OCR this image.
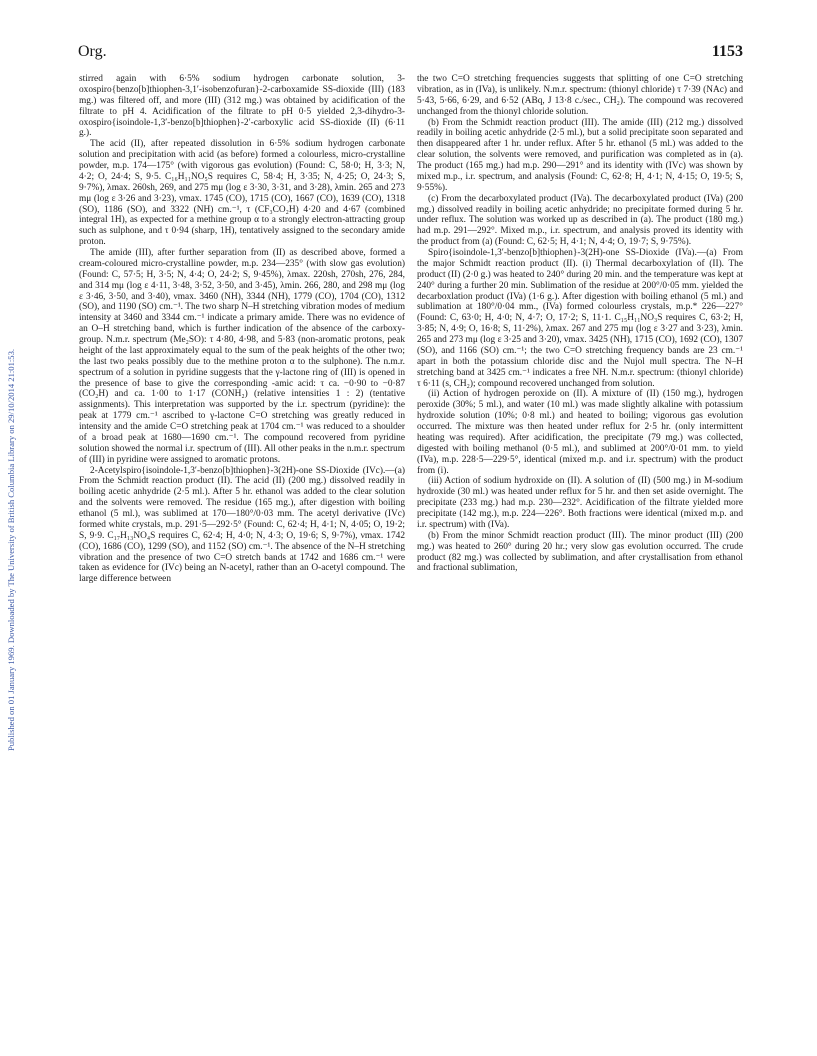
Published on 01 January 1969. Downloaded by The University of British Columbia Library on 29/10/2014 21:01:53.
Org.	1153

stirred again with 6·5% sodium hydrogen carbonate solution, 3-oxospiro{benzo[b]thiophen-3,1′-isobenzofuran}-2-carboxamide SS-dioxide (III) (183 mg.) was filtered off, and more (III) (312 mg.) was obtained by acidification of the filtrate to pH 4. Acidification of the filtrate to pH 0·5 yielded 2,3-dihydro-3-oxospiro{isoindole-1,3′-benzo[b]thiophen}-2′-carboxylic acid SS-dioxide (II) (6·11 g.).

The acid (II), after repeated dissolution in 6·5% sodium hydrogen carbonate solution and precipitation with acid (as before) formed a colourless, micro-crystalline powder, m.p. 174—175° (with vigorous gas evolution) (Found: C, 58·0; H, 3·3; N, 4·2; O, 24·4; S, 9·5. C₁₆H₁₁NO₅S requires C, 58·4; H, 3·35; N, 4·25; O, 24·3; S, 9·7%), λmax. 260sh, 269, and 275 mμ (log ε 3·30, 3·31, and 3·28), λmin. 265 and 273 mμ (log ε 3·26 and 3·23), νmax. 1745 (CO), 1715 (CO), 1667 (CO), 1639 (CO), 1318 (SO), 1186 (SO), and 3322 (NH) cm.⁻¹, τ (CF₃CO₂H) 4·20 and 4·67 (combined integral 1H), as expected for a methine group α to a strongly electron-attracting group such as sulphone, and τ 0·94 (sharp, 1H), tentatively assigned to the secondary amide proton.

The amide (III), after further separation from (II) as described above, formed a cream-coloured micro-crystalline powder, m.p. 234—235° (with slow gas evolution) (Found: C, 57·5; H, 3·5; N, 4·4; O, 24·2; S, 9·45%), λmax. 220sh, 270sh, 276, 284, and 314 mμ (log ε 4·11, 3·48, 3·52, 3·50, and 3·45), λmin. 266, 280, and 298 mμ (log ε 3·46, 3·50, and 3·40), νmax. 3460 (NH), 3344 (NH), 1779 (CO), 1704 (CO), 1312 (SO), and 1190 (SO) cm.⁻¹. The two sharp N–H stretching vibration modes of medium intensity at 3460 and 3344 cm.⁻¹ indicate a primary amide. There was no evidence of an O–H stretching band, which is further indication of the absence of the carboxy-group. N.m.r. spectrum (Me₂SO): τ 4·80, 4·98, and 5·83 (non-aromatic protons, peak height of the last approximately equal to the sum of the peak heights of the other two; the last two peaks possibly due to the methine proton α to the sulphone). The n.m.r. spectrum of a solution in pyridine suggests that the γ-lactone ring of (III) is opened in the presence of base to give the corresponding -amic acid: τ ca. −0·90 to −0·87 (CO₂H) and ca. 1·00 to 1·17 (CONH₂) (relative intensities 1 : 2) (tentative assignments). This interpretation was supported by the i.r. spectrum (pyridine): the peak at 1779 cm.⁻¹ ascribed to γ-lactone C=O stretching was greatly reduced in intensity and the amide C=O stretching peak at 1704 cm.⁻¹ was reduced to a shoulder of a broad peak at 1680—1690 cm.⁻¹. The compound recovered from pyridine solution showed the normal i.r. spectrum of (III). All other peaks in the n.m.r. spectrum of (III) in pyridine were assigned to aromatic protons.

2-Acetylspiro{isoindole-1,3′-benzo[b]thiophen}-3(2H)-one SS-Dioxide (IVc).—(a) From the Schmidt reaction product (II). The acid (II) (200 mg.) dissolved readily in boiling acetic anhydride (2·5 ml.). After 5 hr. ethanol was added to the clear solution and the solvents were removed. The residue (165 mg.), after digestion with boiling ethanol (5 ml.), was sublimed at 170—180°/0·03 mm. The acetyl derivative (IVc) formed white crystals, m.p. 291·5—292·5° (Found: C, 62·4; H, 4·1; N, 4·05; O, 19·2; S, 9·9. C₁₇H₁₃NO₄S requires C, 62·4; H, 4·0; N, 4·3; O, 19·6; S, 9·7%), νmax. 1742 (CO), 1686 (CO), 1299 (SO), and 1152 (SO) cm.⁻¹. The absence of the N–H stretching vibration and the presence of two C=O stretch bands at 1742 and 1686 cm.⁻¹ were taken as evidence for (IVc) being an N-acetyl, rather than an O-acetyl compound. The large difference between

the two C=O stretching frequencies suggests that splitting of one C=O stretching vibration, as in (IVa), is unlikely. N.m.r. spectrum: (thionyl chloride) τ 7·39 (NAc) and 5·43, 5·66, 6·29, and 6·52 (ABq, J 13·8 c./sec., CH₂). The compound was recovered unchanged from the thionyl chloride solution.

(b) From the Schmidt reaction product (III). The amide (III) (212 mg.) dissolved readily in boiling acetic anhydride (2·5 ml.), but a solid precipitate soon separated and then disappeared after 1 hr. under reflux. After 5 hr. ethanol (5 ml.) was added to the clear solution, the solvents were removed, and purification was completed as in (a). The product (165 mg.) had m.p. 290—291° and its identity with (IVc) was shown by mixed m.p., i.r. spectrum, and analysis (Found: C, 62·8; H, 4·1; N, 4·15; O, 19·5; S, 9·55%).

(c) From the decarboxylated product (IVa). The decarboxylated product (IVa) (200 mg.) dissolved readily in boiling acetic anhydride; no precipitate formed during 5 hr. under reflux. The solution was worked up as described in (a). The product (180 mg.) had m.p. 291—292°. Mixed m.p., i.r. spectrum, and analysis proved its identity with the product from (a) (Found: C, 62·5; H, 4·1; N, 4·4; O, 19·7; S, 9·75%).

Spiro{isoindole-1,3′-benzo[b]thiophen}-3(2H)-one SS-Dioxide (IVa).—(a) From the major Schmidt reaction product (II). (i) Thermal decarboxylation of (II). The product (II) (2·0 g.) was heated to 240° during 20 min. and the temperature was kept at 240° during a further 20 min. Sublimation of the residue at 200°/0·05 mm. yielded the decarboxlation product (IVa) (1·6 g.). After digestion with boiling ethanol (5 ml.) and sublimation at 180°/0·04 mm., (IVa) formed colourless crystals, m.p.* 226—227° (Found: C, 63·0; H, 4·0; N, 4·7; O, 17·2; S, 11·1. C₁₅H₁₁NO₃S requires C, 63·2; H, 3·85; N, 4·9; O, 16·8; S, 11·2%), λmax. 267 and 275 mμ (log ε 3·27 and 3·23), λmin. 265 and 273 mμ (log ε 3·25 and 3·20), νmax. 3425 (NH), 1715 (CO), 1692 (CO), 1307 (SO), and 1166 (SO) cm.⁻¹; the two C=O stretching frequency bands are 23 cm.⁻¹ apart in both the potassium chloride disc and the Nujol mull spectra. The N–H stretching band at 3425 cm.⁻¹ indicates a free NH. N.m.r. spectrum: (thionyl chloride) τ 6·11 (s, CH₂); compound recovered unchanged from solution.

(ii) Action of hydrogen peroxide on (II). A mixture of (II) (150 mg.), hydrogen peroxide (30%; 5 ml.), and water (10 ml.) was made slightly alkaline with potassium hydroxide solution (10%; 0·8 ml.) and heated to boiling; vigorous gas evolution occurred. The mixture was then heated under reflux for 2·5 hr. (only intermittent heating was required). After acidification, the precipitate (79 mg.) was collected, digested with boiling methanol (0·5 ml.), and sublimed at 200°/0·01 mm. to yield (IVa), m.p. 228·5—229·5°, identical (mixed m.p. and i.r. spectrum) with the product from (i).

(iii) Action of sodium hydroxide on (II). A solution of (II) (500 mg.) in M-sodium hydroxide (30 ml.) was heated under reflux for 5 hr. and then set aside overnight. The precipitate (233 mg.) had m.p. 230—232°. Acidification of the filtrate yielded more precipitate (142 mg.), m.p. 224—226°. Both fractions were identical (mixed m.p. and i.r. spectrum) with (IVa).

(b) From the minor Schmidt reaction product (III). The minor product (III) (200 mg.) was heated to 260° during 20 hr.; very slow gas evolution occurred. The crude product (82 mg.) was collected by sublimation, and after crystallisation from ethanol and fractional sublimation,
